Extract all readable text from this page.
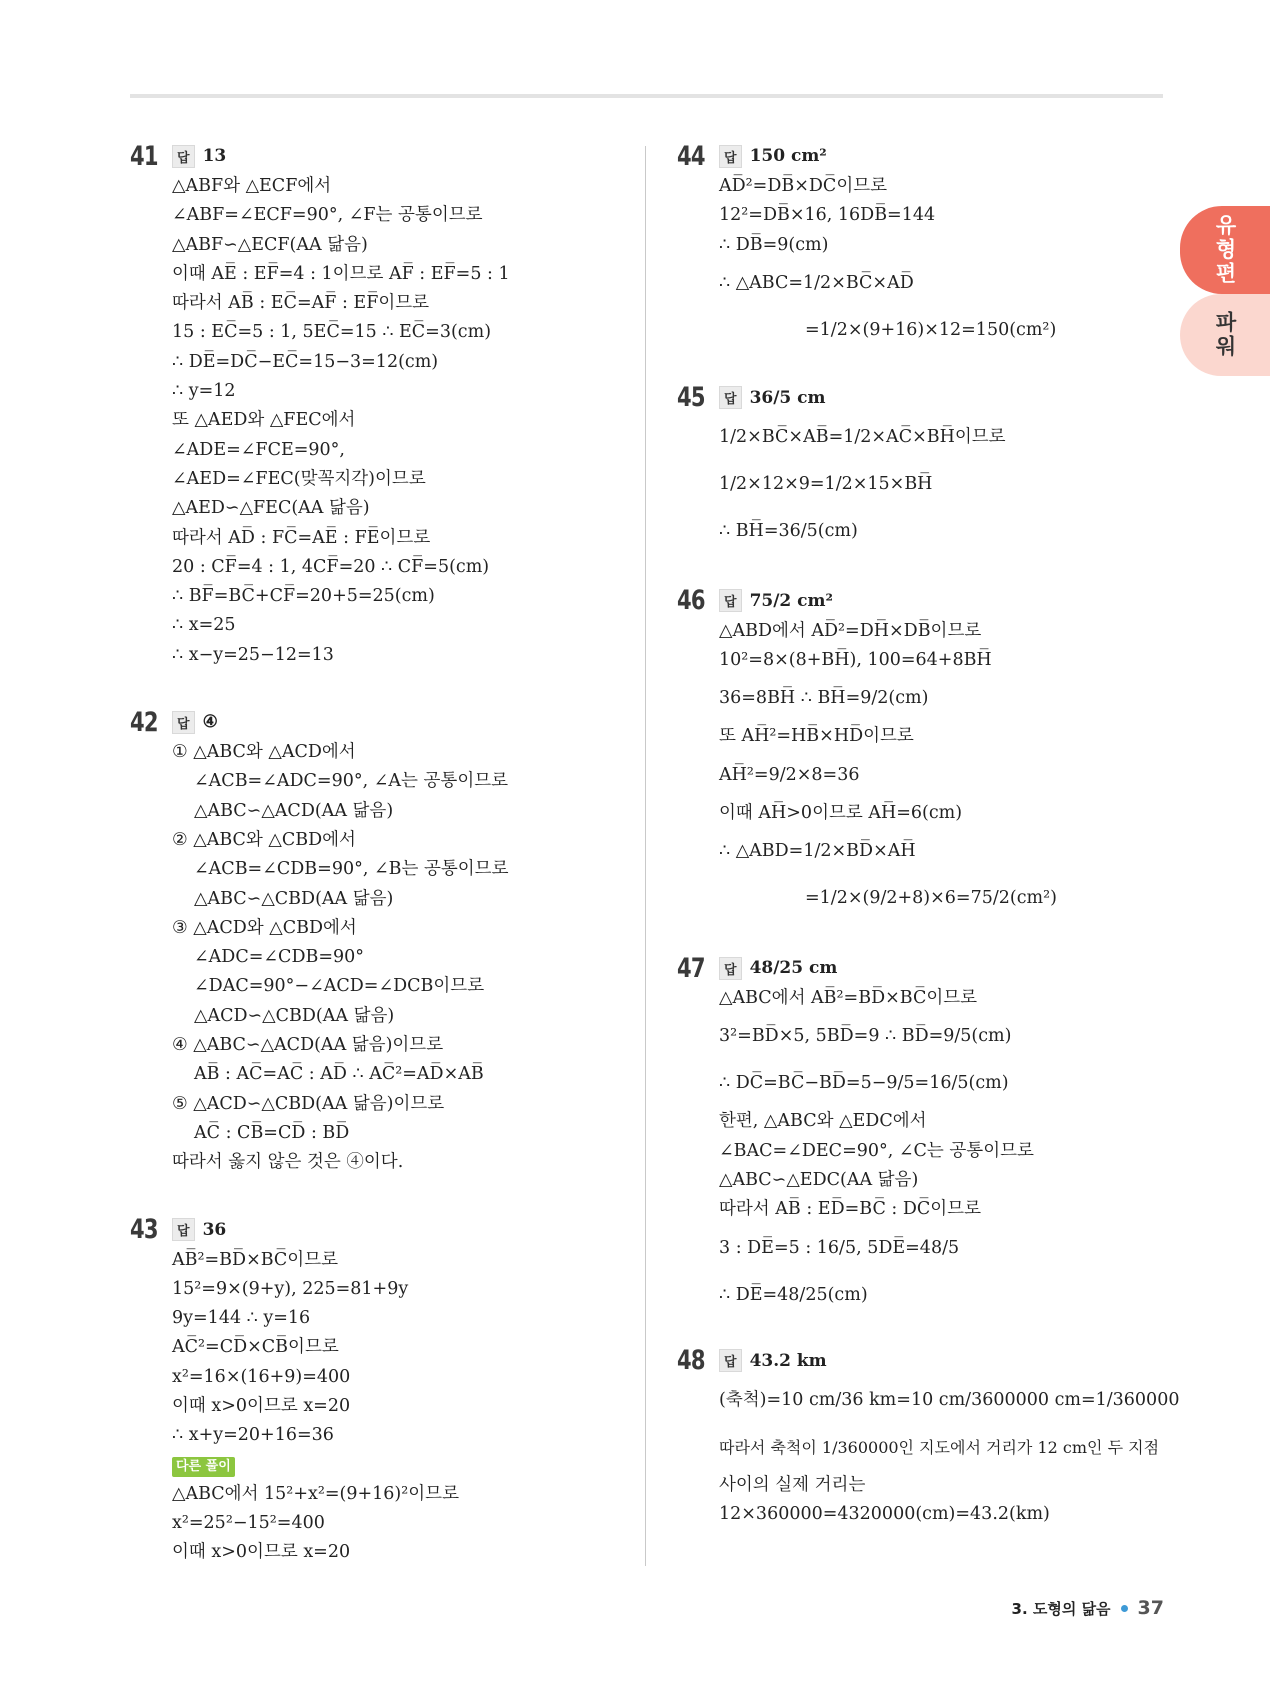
유형편
파워
41	답 13
△ABF와 △ECF에서
∠ABF=∠ECF=90°, ∠F는 공통이므로
△ABF∽△ECF(AA 닮음)
이때 AE̅ : EF̅=4 : 1이므로 AF̅ : EF̅=5 : 1
따라서 AB̅ : EC̅=AF̅ : EF̅이므로
15 : EC̅=5 : 1, 5EC̅=15 ∴ EC̅=3(cm)
∴ DE̅=DC̅−EC̅=15−3=12(cm)
∴ y=12
또 △AED와 △FEC에서
∠ADE=∠FCE=90°,
∠AED=∠FEC(맞꼭지각)이므로
△AED∽△FEC(AA 닮음)
따라서 AD̅ : FC̅=AE̅ : FE̅이므로
20 : CF̅=4 : 1, 4CF̅=20 ∴ CF̅=5(cm)
∴ BF̅=BC̅+CF̅=20+5=25(cm)
∴ x=25
∴ x−y=25−12=13
42	답 ④
① △ABC와 △ACD에서
∠ACB=∠ADC=90°, ∠A는 공통이므로
△ABC∽△ACD(AA 닮음)
② △ABC와 △CBD에서
∠ACB=∠CDB=90°, ∠B는 공통이므로
△ABC∽△CBD(AA 닮음)
③ △ACD와 △CBD에서
∠ADC=∠CDB=90°
∠DAC=90°−∠ACD=∠DCB이므로
△ACD∽△CBD(AA 닮음)
④ △ABC∽△ACD(AA 닮음)이므로
AB̅ : AC̅=AC̅ : AD̅ ∴ AC̅²=AD̅×AB̅
⑤ △ACD∽△CBD(AA 닮음)이므로
AC̅ : CB̅=CD̅ : BD̅
따라서 옳지 않은 것은 ④이다.
43	답 36
AB̅²=BD̅×BC̅이므로
15²=9×(9+y), 225=81+9y
9y=144 ∴ y=16
AC̅²=CD̅×CB̅이므로
x²=16×(16+9)=400
이때 x>0이므로 x=20
∴ x+y=20+16=36
다른 풀이
△ABC에서 15²+x²=(9+16)²이므로
x²=25²−15²=400
이때 x>0이므로 x=20
44	답 150 cm²
AD̅²=DB̅×DC̅이므로
12²=DB̅×16, 16DB̅=144
∴ DB̅=9(cm)
∴ △ABC=1/2×BC̅×AD̅
=1/2×(9+16)×12=150(cm²)
45	답 36/5 cm
1/2×BC̅×AB̅=1/2×AC̅×BH̅이므로
1/2×12×9=1/2×15×BH̅
∴ BH̅=36/5(cm)
46	답 75/2 cm²
△ABD에서 AD̅²=DH̅×DB̅이므로
10²=8×(8+BH̅), 100=64+8BH̅
36=8BH̅ ∴ BH̅=9/2(cm)
또 AH̅²=HB̅×HD̅이므로
AH̅²=9/2×8=36
이때 AH̅>0이므로 AH̅=6(cm)
∴ △ABD=1/2×BD̅×AH̅
=1/2×(9/2+8)×6=75/2(cm²)
47	답 48/25 cm
△ABC에서 AB̅²=BD̅×BC̅이므로
3²=BD̅×5, 5BD̅=9 ∴ BD̅=9/5(cm)
∴ DC̅=BC̅−BD̅=5−9/5=16/5(cm)
한편, △ABC와 △EDC에서
∠BAC=∠DEC=90°, ∠C는 공통이므로
△ABC∽△EDC(AA 닮음)
따라서 AB̅ : ED̅=BC̅ : DC̅이므로
3 : DE̅=5 : 16/5, 5DE̅=48/5
∴ DE̅=48/25(cm)
48	답 43.2 km
(축척)=10 cm/36 km=10 cm/3600000 cm=1/360000
따라서 축척이 1/360000인 지도에서 거리가 12 cm인 두 지점
사이의 실제 거리는
12×360000=4320000(cm)=43.2(km)
3. 도형의 닮음 37
